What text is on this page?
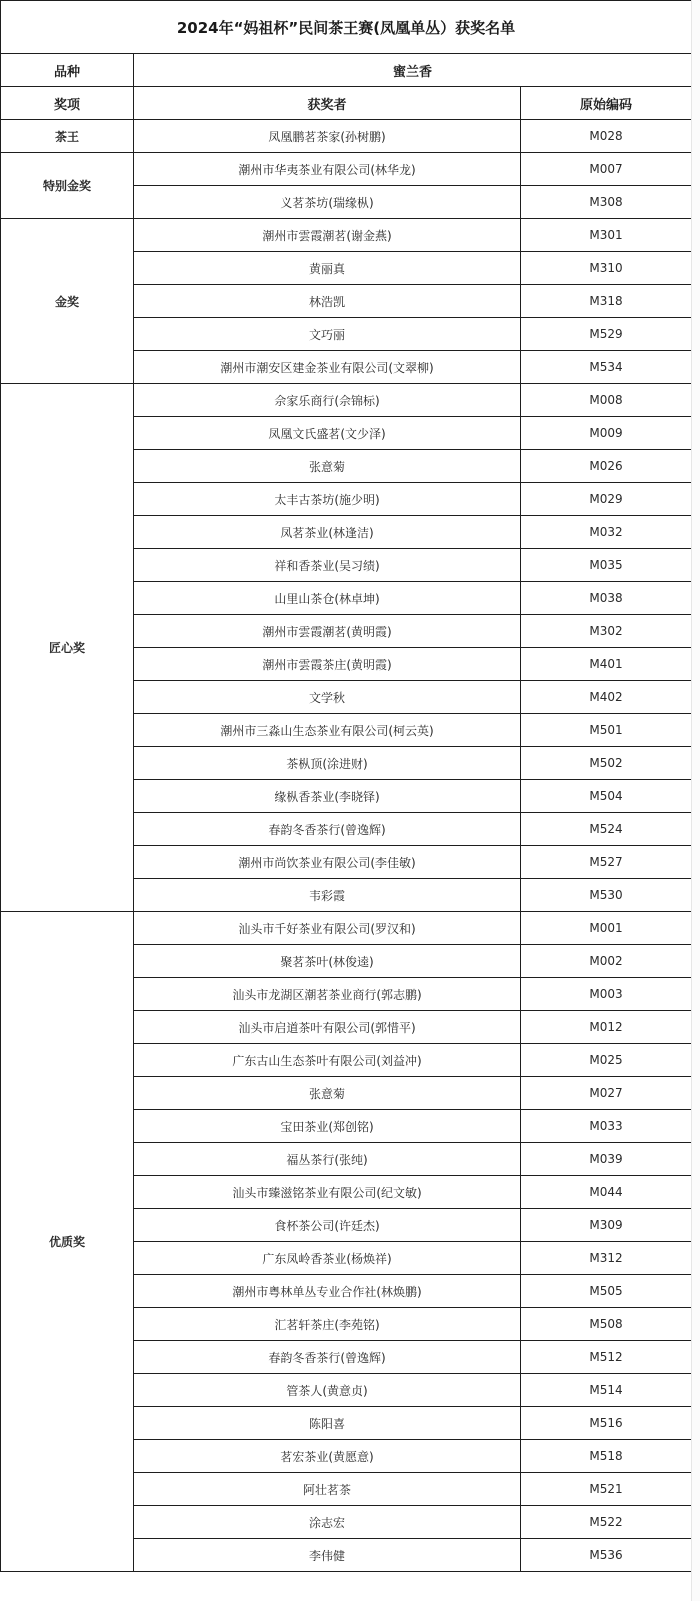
2024年“妈祖杯”民间茶王赛(凤凰单丛）获奖名单		
品种	蜜兰香	
奖项	获奖者	原始编码
茶王	凤凰鹏茗茶家(孙树鹏)	M028
特别金奖	潮州市华夷茶业有限公司(林华龙)	M007
	义茗茶坊(瑞缘枞)	M308
金奖	潮州市雲霞潮茗(谢金燕)	M301
	黄丽真	M310
	林浩凯	M318
	文巧丽	M529
	潮州市潮安区建金茶业有限公司(文翠柳)	M534
匠心奖	佘家乐商行(佘锦标)	M008
	凤凰文氏盛茗(文少泽)	M009
	张意菊	M026
	太丰古茶坊(施少明)	M029
	凤茗茶业(林逢洁)	M032
	祥和香茶业(吴习绩)	M035
	山里山茶仓(林卓坤)	M038
	潮州市雲霞潮茗(黄明霞)	M302
	潮州市雲霞茶庄(黄明霞)	M401
	文学秋	M402
	潮州市三淼山生态茶业有限公司(柯云英)	M501
	茶枞顶(涂进财)	M502
	缘枞香茶业(李晓铎)	M504
	春韵冬香茶行(曾逸辉)	M524
	潮州市尚饮茶业有限公司(李佳敏)	M527
	韦彩霞	M530
优质奖	汕头市千好茶业有限公司(罗汉和)	M001
	聚茗茶叶(林俊逵)	M002
	汕头市龙湖区潮茗茶业商行(郭志鹏)	M003
	汕头市启道茶叶有限公司(郭惜平)	M012
	广东古山生态茶叶有限公司(刘益冲)	M025
	张意菊	M027
	宝田茶业(郑创铭)	M033
	福丛茶行(张纯)	M039
	汕头市臻滋铭茶业有限公司(纪文敏)	M044
	食杯茶公司(许廷杰)	M309
	广东凤岭香茶业(杨焕祥)	M312
	潮州市粤林单丛专业合作社(林焕鹏)	M505
	汇茗轩茶庄(李苑铭)	M508
	春韵冬香茶行(曾逸辉)	M512
	管茶人(黄意贞)	M514
	陈阳喜	M516
	茗宏茶业(黄愿意)	M518
	阿壮茗茶	M521
	涂志宏	M522
	李伟健	M536
